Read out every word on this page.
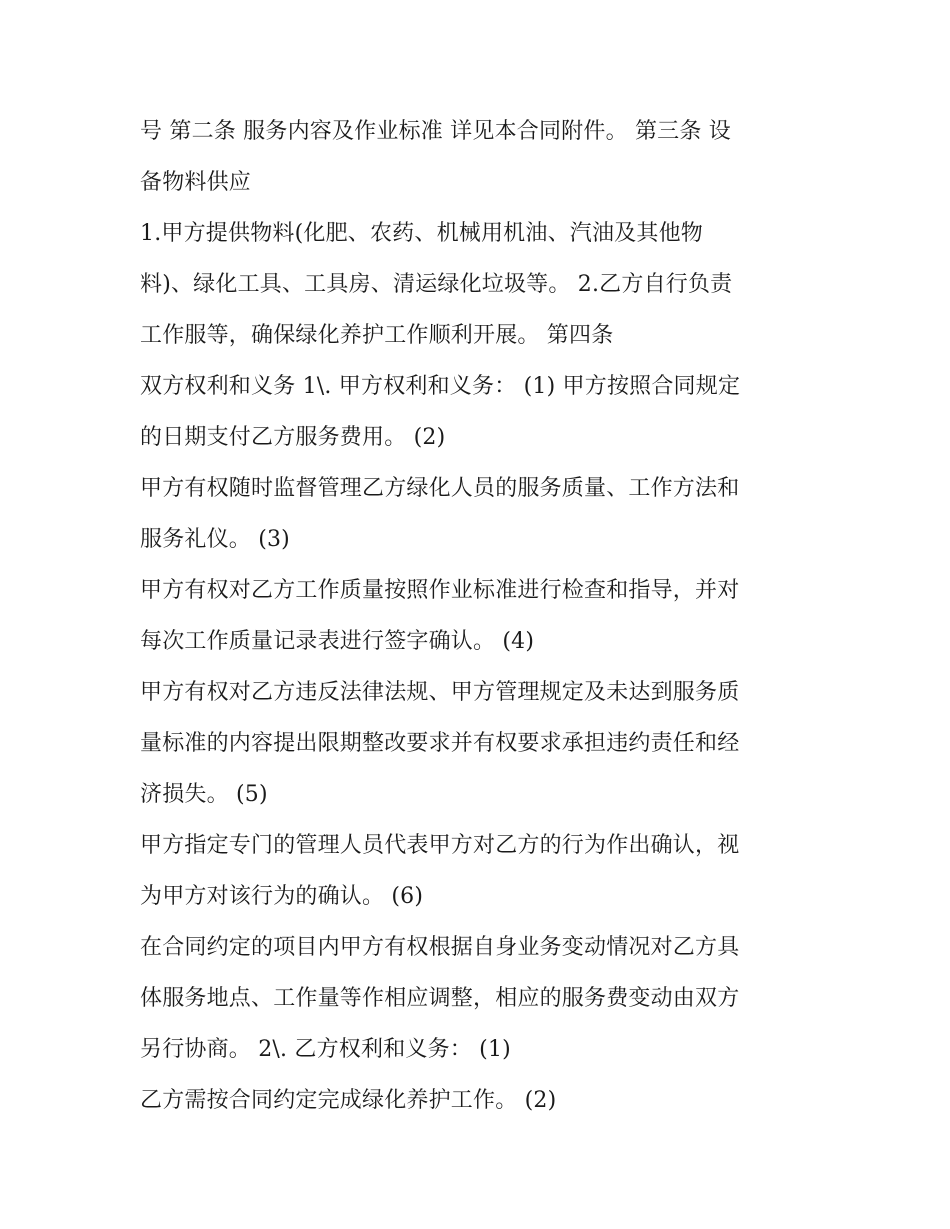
号 第二条 服务内容及作业标准 详见本合同附件。 第三条 设
备物料供应
1.甲方提供物料(化肥、农药、机械用机油、汽油及其他物
料)、绿化工具、工具房、清运绿化垃圾等。 2.乙方自行负责
工作服等，确保绿化养护工作顺利开展。 第四条
双方权利和义务 1\. 甲方权利和义务： (1) 甲方按照合同规定
的日期支付乙方服务费用。 (2)
甲方有权随时监督管理乙方绿化人员的服务质量、工作方法和
服务礼仪。 (3)
甲方有权对乙方工作质量按照作业标准进行检查和指导，并对
每次工作质量记录表进行签字确认。 (4)
甲方有权对乙方违反法律法规、甲方管理规定及未达到服务质
量标准的内容提出限期整改要求并有权要求承担违约责任和经
济损失。 (5)
甲方指定专门的管理人员代表甲方对乙方的行为作出确认，视
为甲方对该行为的确认。 (6)
在合同约定的项目内甲方有权根据自身业务变动情况对乙方具
体服务地点、工作量等作相应调整，相应的服务费变动由双方
另行协商。 2\. 乙方权利和义务： (1)
乙方需按合同约定完成绿化养护工作。 (2)
